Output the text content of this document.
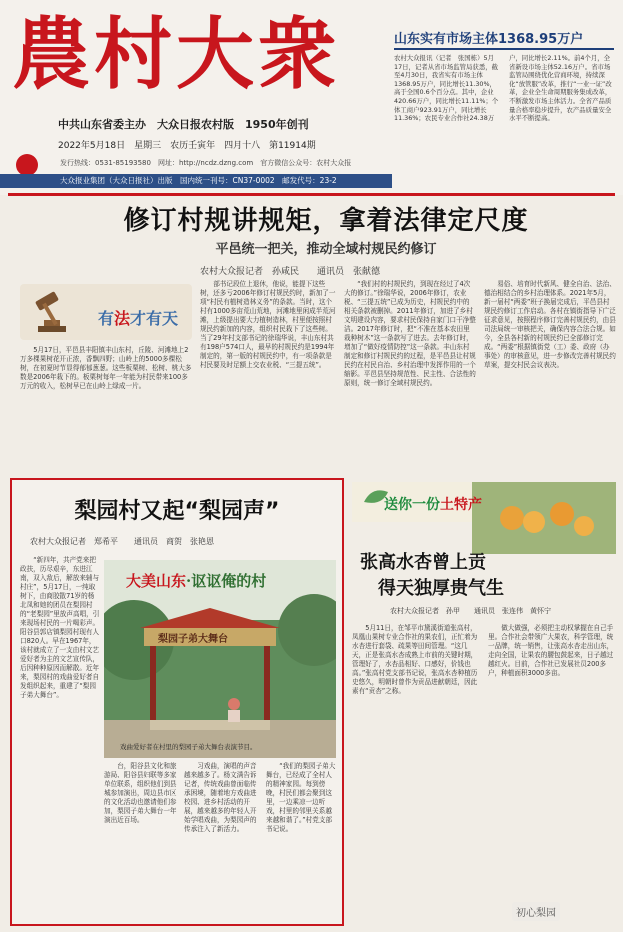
農村大衆
中共山东省委主办　大众日报农村版　1950年创刊
2022年5月18日　星期三　农历壬寅年　四月十八　第11914期
发行热线：0531-85193580　网址：http://ncdz.dzng.com　官方微信公众号：农村大众报
大众报业集团（大众日报社）出版　国内统一刊号：CN37-0002　邮发代号：23-2
山东实有市场主体1368.95万户
农村大众报讯（记者　张国栋）5月17日，记者从省市场监管局获悉，截至4月30日，我省实有市场主体1368.95万户，同比增长11.30%，高于全国0.6个百分点。其中，企业420.66万户，同比增长11.11%；个体工商户923.91万户，同比增长11.36%；农民专业合作社24.38万户，同比增长2.11%。前4个月，全省新设市场主体52.16万户。省市场监管局围绕优化营商环境，持续深化“放管服”改革，推行“一业一证”改革，企业全生命周期服务集成改革，不断激发市场主体活力。全省产品质量合格率稳步提升，农产品质量安全水平不断提高。
修订村规讲规矩，拿着法律定尺度
平邑统一把关，推动全域村规民约修订
农村大众报记者　孙咸民　　通讯员　张献德
有法才有天

5月17日，平邑县丰阳镇丰山东村，丘陵、河滩地上2万多棵果树花开正浓，香飘四野；山岭上的5000多棵松树，在初夏时节显得郁郁葱葱。这些板栗树、松树、桃大多数是2006年栽下的。板栗树每年一年能为村民带来100多万元的收入，松树早已在山岭上绿成一片。

部书记段位上退休，他说，能提下这些树，还多亏2006年修订村规民约时，新加了一项“村民有植树造林义务”的条款。当时，这个村有1000多亩荒山荒地，河滩地里闲成半荒河滩，上级提出要大力植树造林，村里便按照村规民约新加的内容，组织村民栽下了这些树。当了29年村支部书记的徐瑞华说，丰山东村共有198户574口人，最早的村规民约是1994年制定的，第一版的村规民约中，有一项条款是村民要及时足额上交农业税、“三提五统”。

“我们村的村规民约，到现在经过了4次大的修订。”徐瑞华说，2006年修订，农业税、“三提五统”已成为历史，村规民约中的相关条款被删掉。2011年修订，加进了乡村文明建设内容，要求村民保持自家门口干净整洁。2017年修订时，把“不准在基本农田里栽种树木”这一条款写了进去。去年修订时，增加了“做好疫情防控”这一条款。丰山东村制定和修订村规民约的过程，是平邑县让村规民约在村民自治、乡村治理中发挥作用的一个缩影。平邑县坚持规范性、民主性、合法性的原则，统一修订全域村规民约。

易俗、培育时代新风、健全自治、法治、德治相结合的乡村治理体系。2021年5月，新一届村“两委”班子换届完成后，平邑县村规民约修订工作启动。各村在镇街指导下广泛征求意见，按照程序修订完善村规民约，由县司法局统一审核把关，确保内容合法合规。如今，全县各村新的村规民约已全部修订完成。“两委”根据镇街党（工）委、政府（办事处）的审核意见，进一步修改完善村规民约草案，提交村民会议表决。

梨园村又起“梨园声”
农村大众报记者　郑希平　　通讯员　商贺　张艳恩

“新四年，共产党来把政扶，历尽艰辛，东进江南，双入敌后，解放来辅与村庄”，5月17日，一纯取树下，由商胶散71岁的杨北凤和她的团员在梨园村的“老梨园”里放声高唱，引来现场村民的一片喝彩声。阳谷县郭店镇梨园村现有人口820人。早在1967年，该村就成立了一支由村文艺爱好者为主的文艺宣传队，后因种种原因而解散。近年来，梨园村的戏曲爱好者自发组织起来，重建了“梨园子弟大舞台”。

大美山东·讴讴俺的村
梨园子弟大舞台
戏曲爱好者在村里的梨园子弟大舞台表演节目。

台，阳谷县文化和旅游局、阳谷县妇联等多家单位联系，组织他们到县城参加演出，周边县市区的文化活动也邀请他们参加，梨园子弟大舞台一年演出近百场。

习戏曲，演唱的声音越来越多了。杨文满告诉记者，传统戏曲曾面临传承困境，随着地方戏曲进校园、进乡村活动的开展，越来越多的年轻人开始学唱戏曲，为梨园声的传承注入了新活力。

“我们的梨园子弟大舞台，已经成了全村人的精神家园。每到傍晚，村民们都会聚到这里，一边乘凉一边听戏，村里的邻里关系越来越和谐了。”村党支部书记说。

送你一份土特产
张高水杏曾上贡
得天独厚贵气生
农村大众报记者　孙甲　　通讯员　张连伟　黄怀宁

5月11日，在邹平市黛溪街道张高村，凤凰山果树专业合作社的果农们，正忙着为水杏进行套袋、疏果等田间管理。“这几天，正是张高水杏成熟上市前的关键时期，管理好了，水杏品相好、口感好，价钱也高。”张高村党支部书记说，张高水杏种植历史悠久，明朝时曾作为贡品进献朝廷，因此素有“贡杏”之称。

做大做强，必须把主动权掌握在自己手里。合作社会带领广大果农，科学管理，统一品牌，统一销售，让张高水杏走出山东，走向全国，让果农的腰包鼓起来，日子越过越红火。目前，合作社已发展社员200多户，种植面积3000多亩。

初心梨园
